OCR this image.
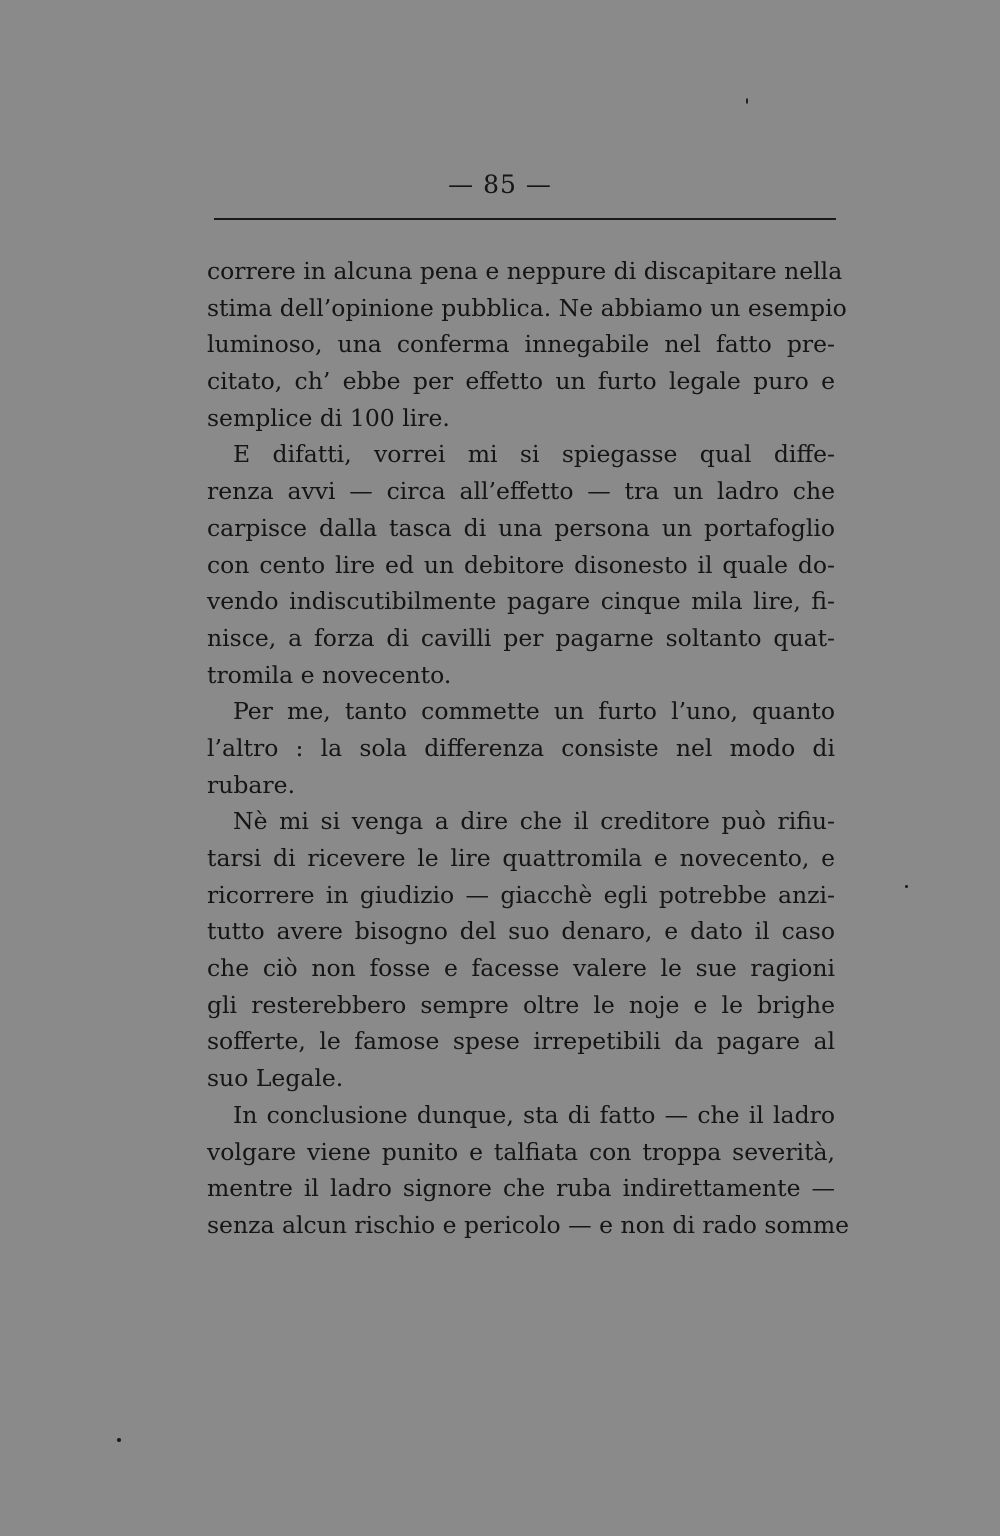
— 85 —
correre in alcuna pena e neppure di discapitare nella
stima dell’opinione pubblica. Ne abbiamo un esempio
luminoso, una conferma innegabile nel fatto pre-
citato, ch’ ebbe per effetto un furto legale puro e
semplice di 100 lire.
E difatti, vorrei mi si spiegasse qual diffe-
renza avvi — circa all’effetto — tra un ladro che
carpisce dalla tasca di una persona un portafoglio
con cento lire ed un debitore disonesto il quale do-
vendo indiscutibilmente pagare cinque mila lire, fi-
nisce, a forza di cavilli per pagarne soltanto quat-
tromila e novecento.
Per me, tanto commette un furto l’uno, quanto
l’altro : la sola differenza consiste nel modo di
rubare.
Nè mi si venga a dire che il creditore può rifiu-
tarsi di ricevere le lire quattromila e novecento, e
ricorrere in giudizio — giacchè egli potrebbe anzi-
tutto avere bisogno del suo denaro, e dato il caso
che ciò non fosse e facesse valere le sue ragioni
gli resterebbero sempre oltre le noje e le brighe
sofferte, le famose spese irrepetibili da pagare al
suo Legale.
In conclusione dunque, sta di fatto — che il ladro
volgare viene punito e talfiata con troppa severità,
mentre il ladro signore che ruba indirettamente —
senza alcun rischio e pericolo — e non di rado somme
